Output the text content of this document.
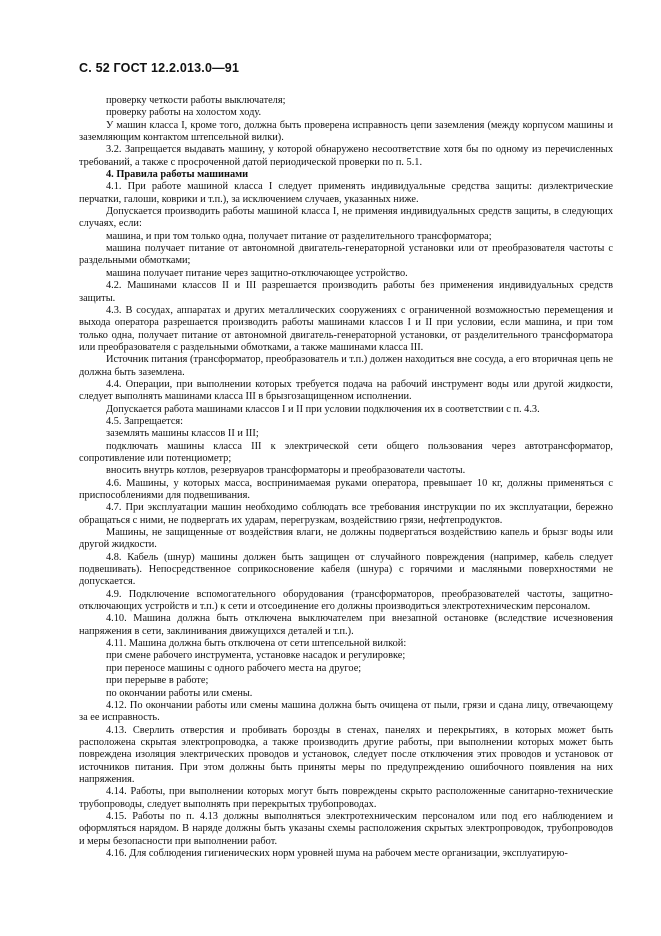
С. 52 ГОСТ 12.2.013.0—91

проверку четкости работы выключателя;

проверку работы на холостом ходу.

У машин класса I, кроме того, должна быть проверена исправность цепи заземления (между корпусом машины и заземляющим контактом штепсельной вилки).

3.2. Запрещается выдавать машину, у которой обнаружено несоответствие хотя бы по одному из перечисленных требований, а также с просроченной датой периодической проверки по п. 5.1.

4. Правила работы машинами

4.1. При работе машиной класса I следует применять индивидуальные средства защиты: диэлектрические перчатки, галоши, коврики и т.п.), за исключением случаев, указанных ниже.

Допускается производить работы машиной класса I, не применяя индивидуальных средств защиты, в следующих случаях, если:

машина, и при том только одна, получает питание от разделительного трансформатора;

машина получает питание от автономной двигатель-генераторной установки или от преобразователя частоты с раздельными обмотками;

машина получает питание через защитно-отключающее устройство.

4.2. Машинами классов II и III разрешается производить работы без применения индивидуальных средств защиты.

4.3. В сосудах, аппаратах и других металлических сооружениях с ограниченной возможностью перемещения и выхода оператора разрешается производить работы машинами классов I и II при условии, если машина, и при том только одна, получает питание от автономной двигатель-генераторной установки, от разделительного трансформатора или преобразователя с раздельными обмотками, а также машинами класса III.

Источник питания (трансформатор, преобразователь и т.п.) должен находиться вне сосуда, а его вторичная цепь не должна быть заземлена.

4.4. Операции, при выполнении которых требуется подача на рабочий инструмент воды или другой жидкости, следует выполнять машинами класса III в брызгозащищенном исполнении.

Допускается работа машинами классов I и II при условии подключения их в соответствии с п. 4.3.

4.5. Запрещается:

заземлять машины классов II и III;

подключать машины класса III к электрической сети общего пользования через автотрансформатор, сопротивление или потенциометр;

вносить внутрь котлов, резервуаров трансформаторы и преобразователи частоты.

4.6. Машины, у которых масса, воспринимаемая руками оператора, превышает 10 кг, должны применяться с приспособлениями для подвешивания.

4.7. При эксплуатации машин необходимо соблюдать все требования инструкции по их эксплуатации, бережно обращаться с ними, не подвергать их ударам, перегрузкам, воздействию грязи, нефтепродуктов.

Машины, не защищенные от воздействия влаги, не должны подвергаться воздействию капель и брызг воды или другой жидкости.

4.8. Кабель (шнур) машины должен быть защищен от случайного повреждения (например, кабель следует подвешивать). Непосредственное соприкосновение кабеля (шнура) с горячими и масляными поверхностями не допускается.

4.9. Подключение вспомогательного оборудования (трансформаторов, преобразователей частоты, защитно-отключающих устройств и т.п.) к сети и отсоединение его должны производиться электротехническим персоналом.

4.10. Машина должна быть отключена выключателем при внезапной остановке (вследствие исчезновения напряжения в сети, заклинивания движущихся деталей и т.п.).

4.11. Машина должна быть отключена от сети штепсельной вилкой:

при смене рабочего инструмента, установке насадок и регулировке;

при переносе машины с одного рабочего места на другое;

при перерыве в работе;

по окончании работы или смены.

4.12. По окончании работы или смены машина должна быть очищена от пыли, грязи и сдана лицу, отвечающему за ее исправность.

4.13. Сверлить отверстия и пробивать борозды в стенах, панелях и перекрытиях, в которых может быть расположена скрытая электропроводка, а также производить другие работы, при выполнении которых может быть повреждена изоляция электрических проводов и установок, следует после отключения этих проводов и установок от источников питания. При этом должны быть приняты меры по предупреждению ошибочного появления на них напряжения.

4.14. Работы, при выполнении которых могут быть повреждены скрыто расположенные санитарно-технические трубопроводы, следует выполнять при перекрытых трубопроводах.

4.15. Работы по п. 4.13 должны выполняться электротехническим персоналом или под его наблюдением и оформляться нарядом. В наряде должны быть указаны схемы расположения скрытых электропроводок, трубопроводов и меры безопасности при выполнении работ.

4.16. Для соблюдения гигиенических норм уровней шума на рабочем месте организации, эксплуатирую-
